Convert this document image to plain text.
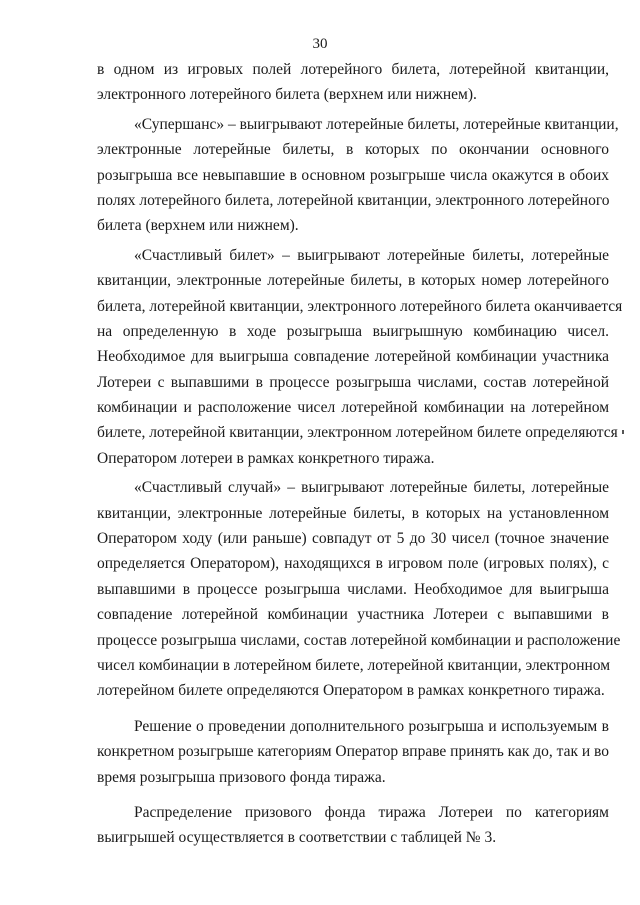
30
в одном из игровых полей лотерейного билета, лотерейной квитанции,
электронного лотерейного билета (верхнем или нижнем).
«Супершанс» – выигрывают лотерейные билеты, лотерейные квитанции,
электронные лотерейные билеты, в которых по окончании основного
розыгрыша все невыпавшие в основном розыгрыше числа окажутся в обоих
полях лотерейного билета, лотерейной квитанции, электронного лотерейного
билета (верхнем или нижнем).
«Счастливый билет» – выигрывают лотерейные билеты, лотерейные
квитанции, электронные лотерейные билеты, в которых номер лотерейного
билета, лотерейной квитанции, электронного лотерейного билета оканчивается
на определенную в ходе розыгрыша выигрышную комбинацию чисел.
Необходимое для выигрыша совпадение лотерейной комбинации участника
Лотереи с выпавшими в процессе розыгрыша числами, состав лотерейной
комбинации и расположение чисел лотерейной комбинации на лотерейном
билете, лотерейной квитанции, электронном лотерейном билете определяются
Оператором лотереи в рамках конкретного тиража.
«Счастливый случай» – выигрывают лотерейные билеты, лотерейные
квитанции, электронные лотерейные билеты, в которых на установленном
Оператором ходу (или раньше) совпадут от 5 до 30 чисел (точное значение
определяется Оператором), находящихся в игровом поле (игровых полях), с
выпавшими в процессе розыгрыша числами. Необходимое для выигрыша
совпадение лотерейной комбинации участника Лотереи с выпавшими в
процессе розыгрыша числами, состав лотерейной комбинации и расположение
чисел комбинации в лотерейном билете, лотерейной квитанции, электронном
лотерейном билете определяются Оператором в рамках конкретного тиража.
Решение о проведении дополнительного розыгрыша и используемым в
конкретном розыгрыше категориям Оператор вправе принять как до, так и во
время розыгрыша призового фонда тиража.
Распределение призового фонда тиража Лотереи по категориям
выигрышей осуществляется в соответствии с таблицей № 3.
